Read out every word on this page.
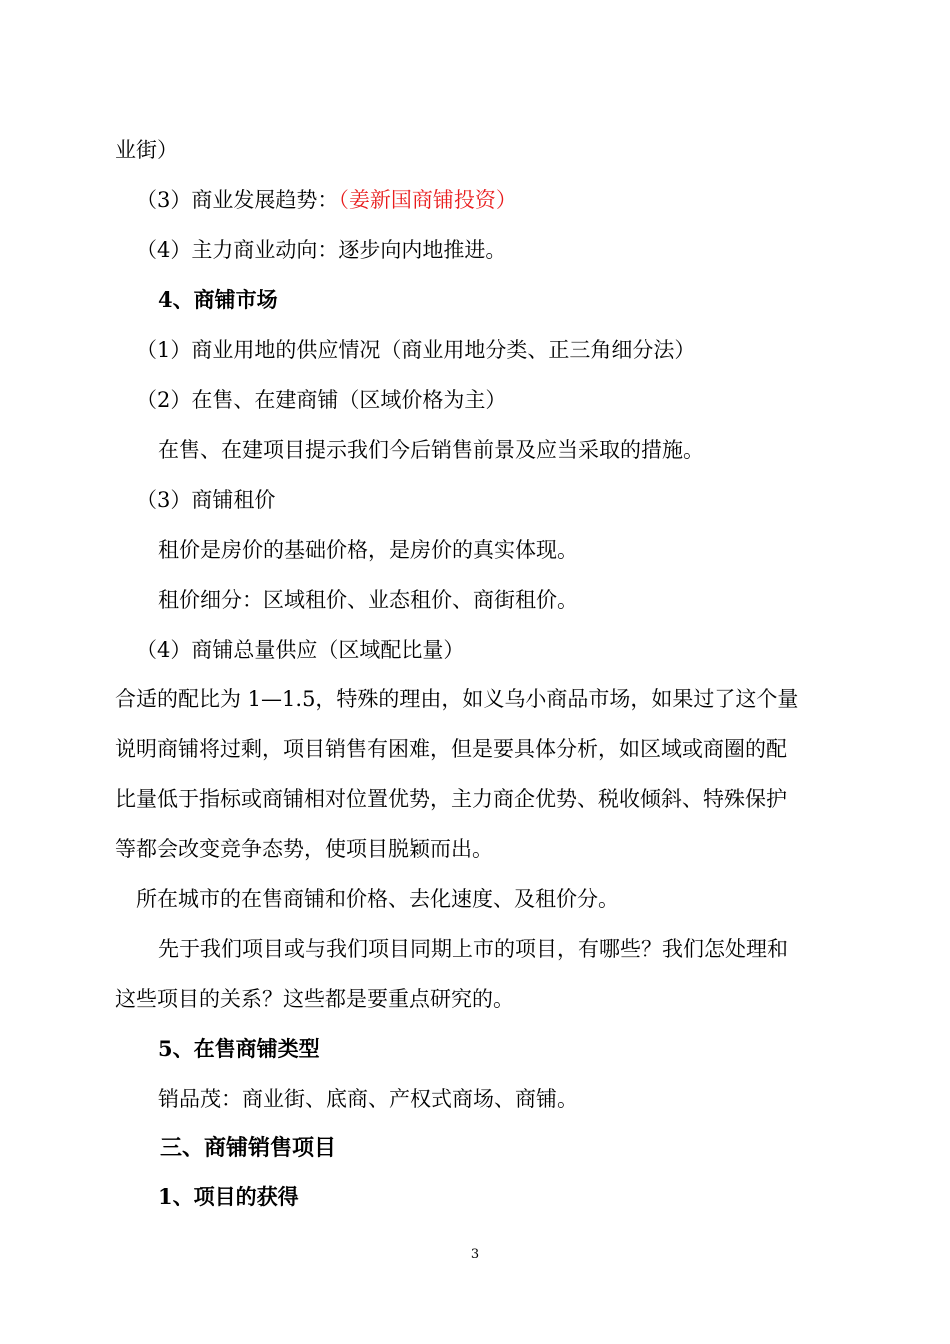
业街）
（3）商业发展趋势：（姜新国商铺投资）
（4）主力商业动向：逐步向内地推进。
4、商铺市场
（1）商业用地的供应情况（商业用地分类、正三角细分法）
（2）在售、在建商铺（区域价格为主）
在售、在建项目提示我们今后销售前景及应当采取的措施。
（3）商铺租价
租价是房价的基础价格，是房价的真实体现。
租价细分：区域租价、业态租价、商街租价。
（4）商铺总量供应（区域配比量）
合适的配比为 1—1.5，特殊的理由，如义乌小商品市场，如果过了这个量
说明商铺将过剩，项目销售有困难，但是要具体分析，如区域或商圈的配
比量低于指标或商铺相对位置优势，主力商企优势、税收倾斜、特殊保护
等都会改变竞争态势，使项目脱颖而出。
所在城市的在售商铺和价格、去化速度、及租价分。
先于我们项目或与我们项目同期上市的项目，有哪些？我们怎处理和
这些项目的关系？这些都是要重点研究的。
5、在售商铺类型
销品茂：商业街、底商、产权式商场、商铺。
三、商铺销售项目
1、项目的获得
3
